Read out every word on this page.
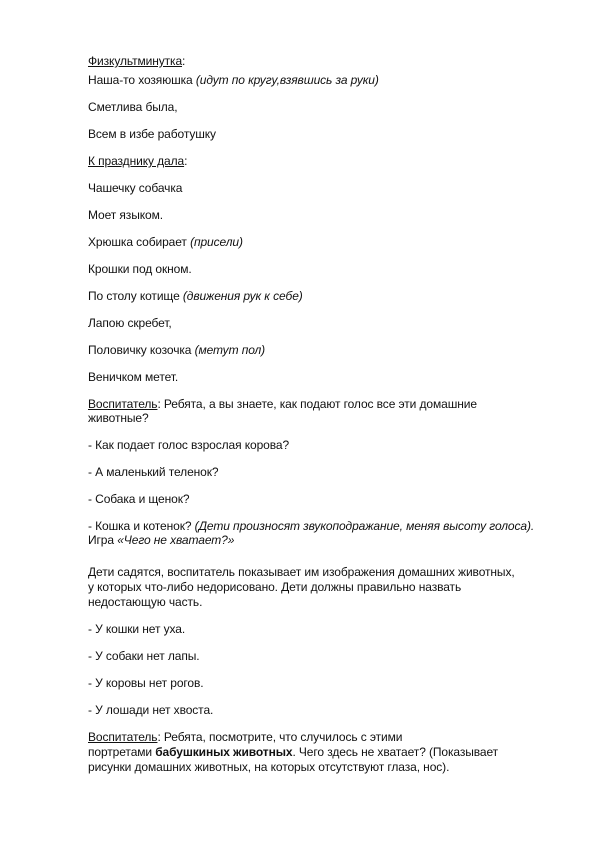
Физкультминутка:
Наша-то хозяюшка (идут по кругу,взявшись за руки)
Сметлива была,
Всем в избе работушку
К празднику дала:
Чашечку собачка
Моет языком.
Хрюшка собирает (присели)
Крошки под окном.
По столу котище (движения рук к себе)
Лапою скребет,
Половичку козочка (метут пол)
Веничком метет.
Воспитатель: Ребята, а вы знаете, как подают голос все эти домашние
животные?
- Как подает голос взрослая корова?
- А маленький теленок?
- Собака и щенок?
- Кошка и котенок? (Дети произносят звукоподражание, меняя высоту голоса).
Игра «Чего не хватает?»
Дети садятся, воспитатель показывает им изображения домашних животных,
у которых что-либо недорисовано. Дети должны правильно назвать
недостающую часть.
- У кошки нет уха.
- У собаки нет лапы.
- У коровы нет рогов.
- У лошади нет хвоста.
Воспитатель: Ребята, посмотрите, что случилось с этими
портретами бабушкиных животных. Чего здесь не хватает? (Показывает
рисунки домашних животных, на которых отсутствуют глаза, нос).
